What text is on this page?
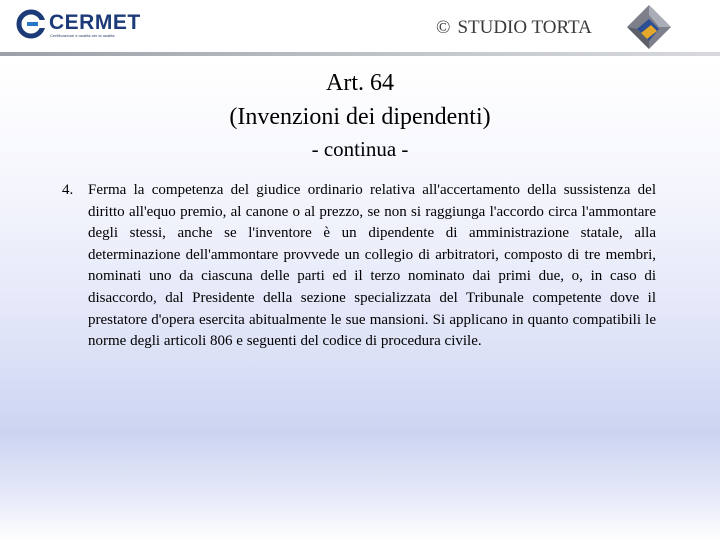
CERMET
Certificazione e qualità per la qualità	© STUDIO TORTA
Art. 64
(Invenzioni dei dipendenti)
- continua -
4. Ferma la competenza del giudice ordinario relativa all'accertamento della sussistenza del diritto all'equo premio, al canone o al prezzo, se non si raggiunga l'accordo circa l'ammontare degli stessi, anche se l'inventore è un dipendente di amministrazione statale, alla determinazione dell'ammontare provvede un collegio di arbitratori, composto di tre membri, nominati uno da ciascuna delle parti ed il terzo nominato dai primi due, o, in caso di disaccordo, dal Presidente della sezione specializzata del Tribunale competente dove il prestatore d'opera esercita abitualmente le sue mansioni. Si applicano in quanto compatibili le norme degli articoli 806 e seguenti del codice di procedura civile.
